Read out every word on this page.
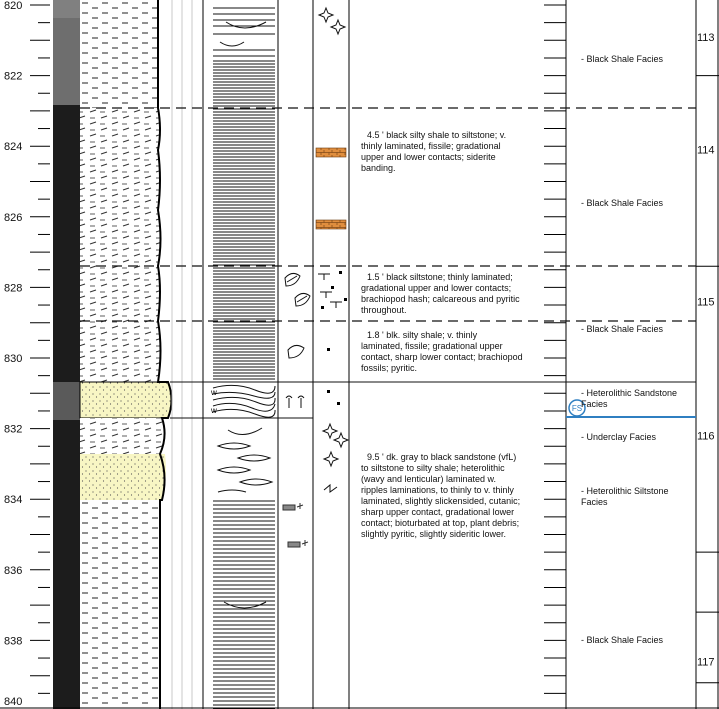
820
822
824
826
828
830
832
834
836
838
840
w
w	FS
4.5 ' black silty shale to siltstone; v. thinly laminated, fissile; gradational upper and lower contacts; siderite banding.
1.5 ' black siltstone; thinly laminated; gradational upper and lower contacts; brachiopod hash; calcareous and pyritic throughout.
1.8 ' blk. silty shale; v. thinly laminated, fissile; gradational upper contact, sharp lower contact; brachiopod fossils; pyritic.
9.5 ' dk. gray to black sandstone (vfL) to siltstone to silty shale; heterolithic (wavy and lenticular) laminated w. ripples laminations, to thinly to v. thinly laminated, slightly slickensided, cutanic; sharp upper contact, gradational lower contact; bioturbated at top, plant debris; slightly pyritic, slightly sideritic lower.
- Black Shale Facies
- Black Shale Facies
- Black Shale Facies
- Heterolithic Sandstone Facies
- Underclay Facies
- Heterolithic Siltstone Facies
- Black Shale Facies
113
114
115
116
117
